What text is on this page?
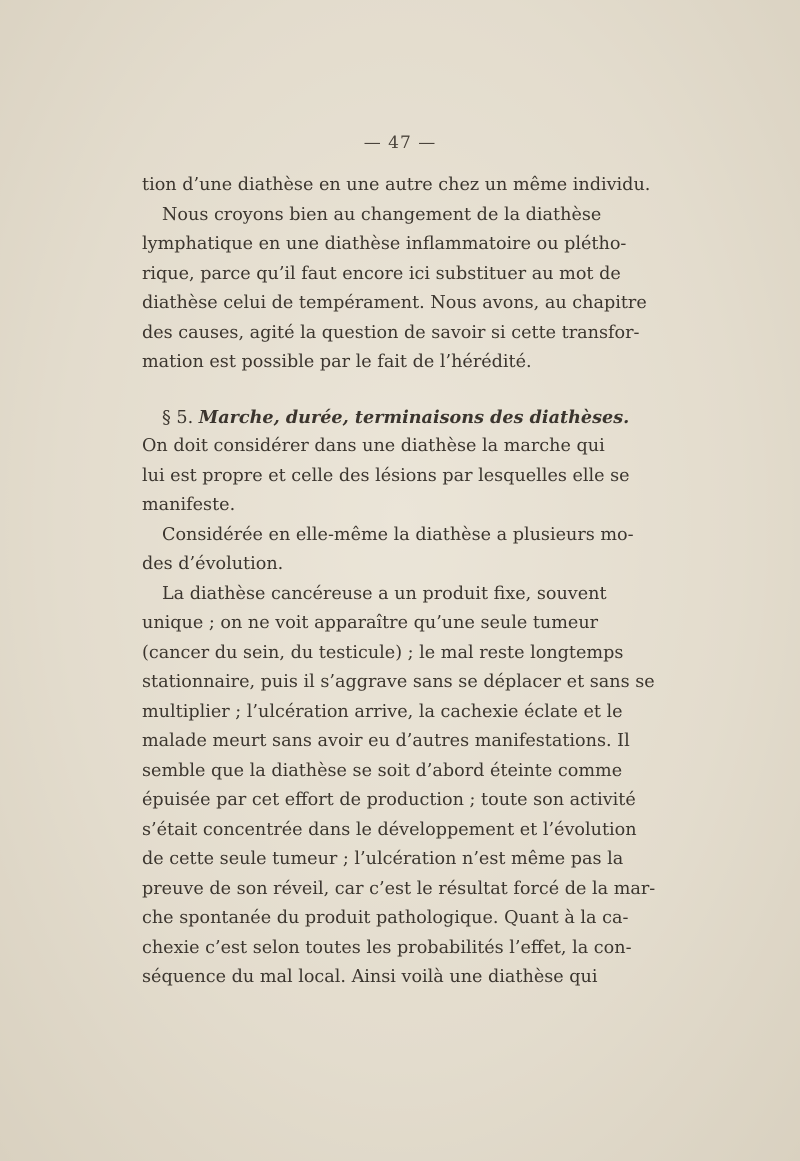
— 47 —
tion d’une diathèse en une autre chez un même individu.
Nous croyons bien au changement de la diathèse
lymphatique en une diathèse inflammatoire ou plétho-
rique, parce qu’il faut encore ici substituer au mot de
diathèse celui de tempérament. Nous avons, au chapitre
des causes, agité la question de savoir si cette transfor-
mation est possible par le fait de l’hérédité.
§ 5. Marche, durée, terminaisons des diathèses.
On doit considérer dans une diathèse la marche qui
lui est propre et celle des lésions par lesquelles elle se
manifeste.
Considérée en elle-même la diathèse a plusieurs mo-
des d’évolution.
La diathèse cancéreuse a un produit fixe, souvent
unique ; on ne voit apparaître qu’une seule tumeur
(cancer du sein, du testicule) ; le mal reste longtemps
stationnaire, puis il s’aggrave sans se déplacer et sans se
multiplier ; l’ulcération arrive, la cachexie éclate et le
malade meurt sans avoir eu d’autres manifestations. Il
semble que la diathèse se soit d’abord éteinte comme
épuisée par cet effort de production ; toute son activité
s’était concentrée dans le développement et l’évolution
de cette seule tumeur ; l’ulcération n’est même pas la
preuve de son réveil, car c’est le résultat forcé de la mar-
che spontanée du produit pathologique. Quant à la ca-
chexie c’est selon toutes les probabilités l’effet, la con-
séquence du mal local. Ainsi voilà une diathèse qui
